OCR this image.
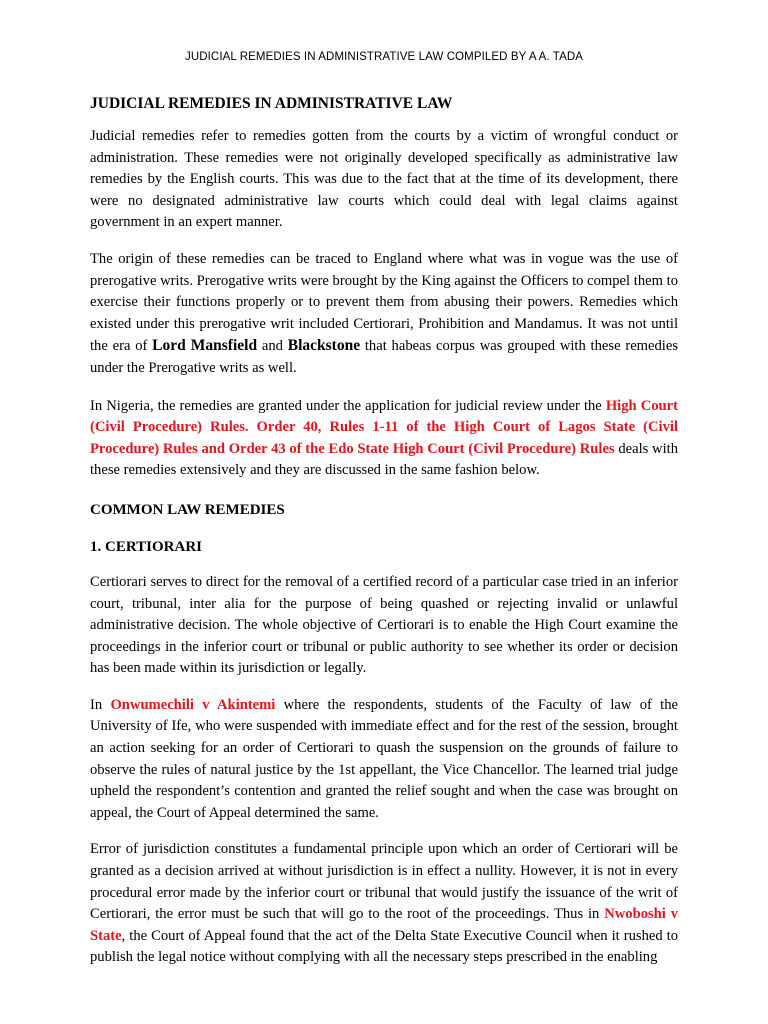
JUDICIAL REMEDIES IN ADMINISTRATIVE LAW COMPILED BY A A. TADA
JUDICIAL REMEDIES IN ADMINISTRATIVE LAW

Judicial remedies refer to remedies gotten from the courts by a victim of wrongful conduct or administration. These remedies were not originally developed specifically as administrative law remedies by the English courts. This was due to the fact that at the time of its development, there were no designated administrative law courts which could deal with legal claims against government in an expert manner.

The origin of these remedies can be traced to England where what was in vogue was the use of prerogative writs. Prerogative writs were brought by the King against the Officers to compel them to exercise their functions properly or to prevent them from abusing their powers. Remedies which existed under this prerogative writ included Certiorari, Prohibition and Mandamus. It was not until the era of Lord Mansfield and Blackstone that habeas corpus was grouped with these remedies under the Prerogative writs as well.

In Nigeria, the remedies are granted under the application for judicial review under the High Court (Civil Procedure) Rules. Order 40, Rules 1-11 of the High Court of Lagos State (Civil Procedure) Rules and Order 43 of the Edo State High Court (Civil Procedure) Rules deals with these remedies extensively and they are discussed in the same fashion below.

COMMON LAW REMEDIES
1. CERTIORARI

Certiorari serves to direct for the removal of a certified record of a particular case tried in an inferior court, tribunal, inter alia for the purpose of being quashed or rejecting invalid or unlawful administrative decision. The whole objective of Certiorari is to enable the High Court examine the proceedings in the inferior court or tribunal or public authority to see whether its order or decision has been made within its jurisdiction or legally.

In Onwumechili v Akintemi where the respondents, students of the Faculty of law of the University of Ife, who were suspended with immediate effect and for the rest of the session, brought an action seeking for an order of Certiorari to quash the suspension on the grounds of failure to observe the rules of natural justice by the 1st appellant, the Vice Chancellor. The learned trial judge upheld the respondent’s contention and granted the relief sought and when the case was brought on appeal, the Court of Appeal determined the same.

Error of jurisdiction constitutes a fundamental principle upon which an order of Certiorari will be granted as a decision arrived at without jurisdiction is in effect a nullity. However, it is not in every procedural error made by the inferior court or tribunal that would justify the issuance of the writ of Certiorari, the error must be such that will go to the root of the proceedings. Thus in Nwoboshi v State, the Court of Appeal found that the act of the Delta State Executive Council when it rushed to publish the legal notice without complying with all the necessary steps prescribed in the enabling
